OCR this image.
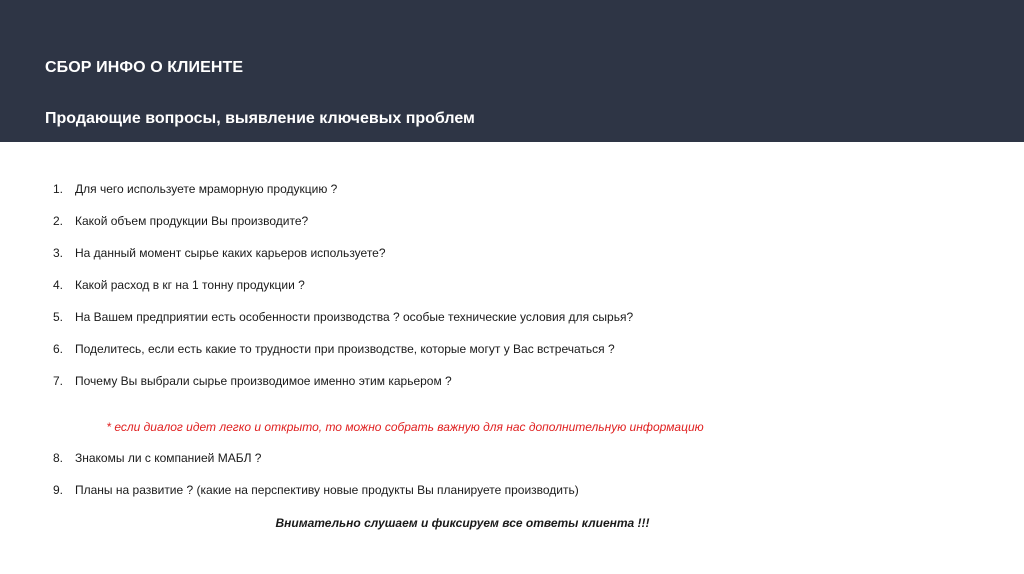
СБОР ИНФО О КЛИЕНТЕ
Продающие вопросы, выявление ключевых проблем
1. Для чего используете мраморную продукцию ?
2. Какой объем продукции Вы производите?
3. На данный момент сырье каких карьеров используете?
4. Какой расход в кг на 1 тонну продукции ?
5. На Вашем предприятии есть особенности производства ? особые технические условия для сырья?
6. Поделитесь, если есть какие то трудности при производстве, которые могут у Вас встречаться ?
7. Почему Вы выбрали сырье производимое именно этим карьером ?
* если диалог идет легко и открыто, то можно собрать важную для нас дополнительную информацию
8. Знакомы ли с компанией МАБЛ ?
9. Планы на развитие ? (какие на перспективу новые продукты Вы планируете производить)
Внимательно слушаем и фиксируем все ответы клиента !!!
